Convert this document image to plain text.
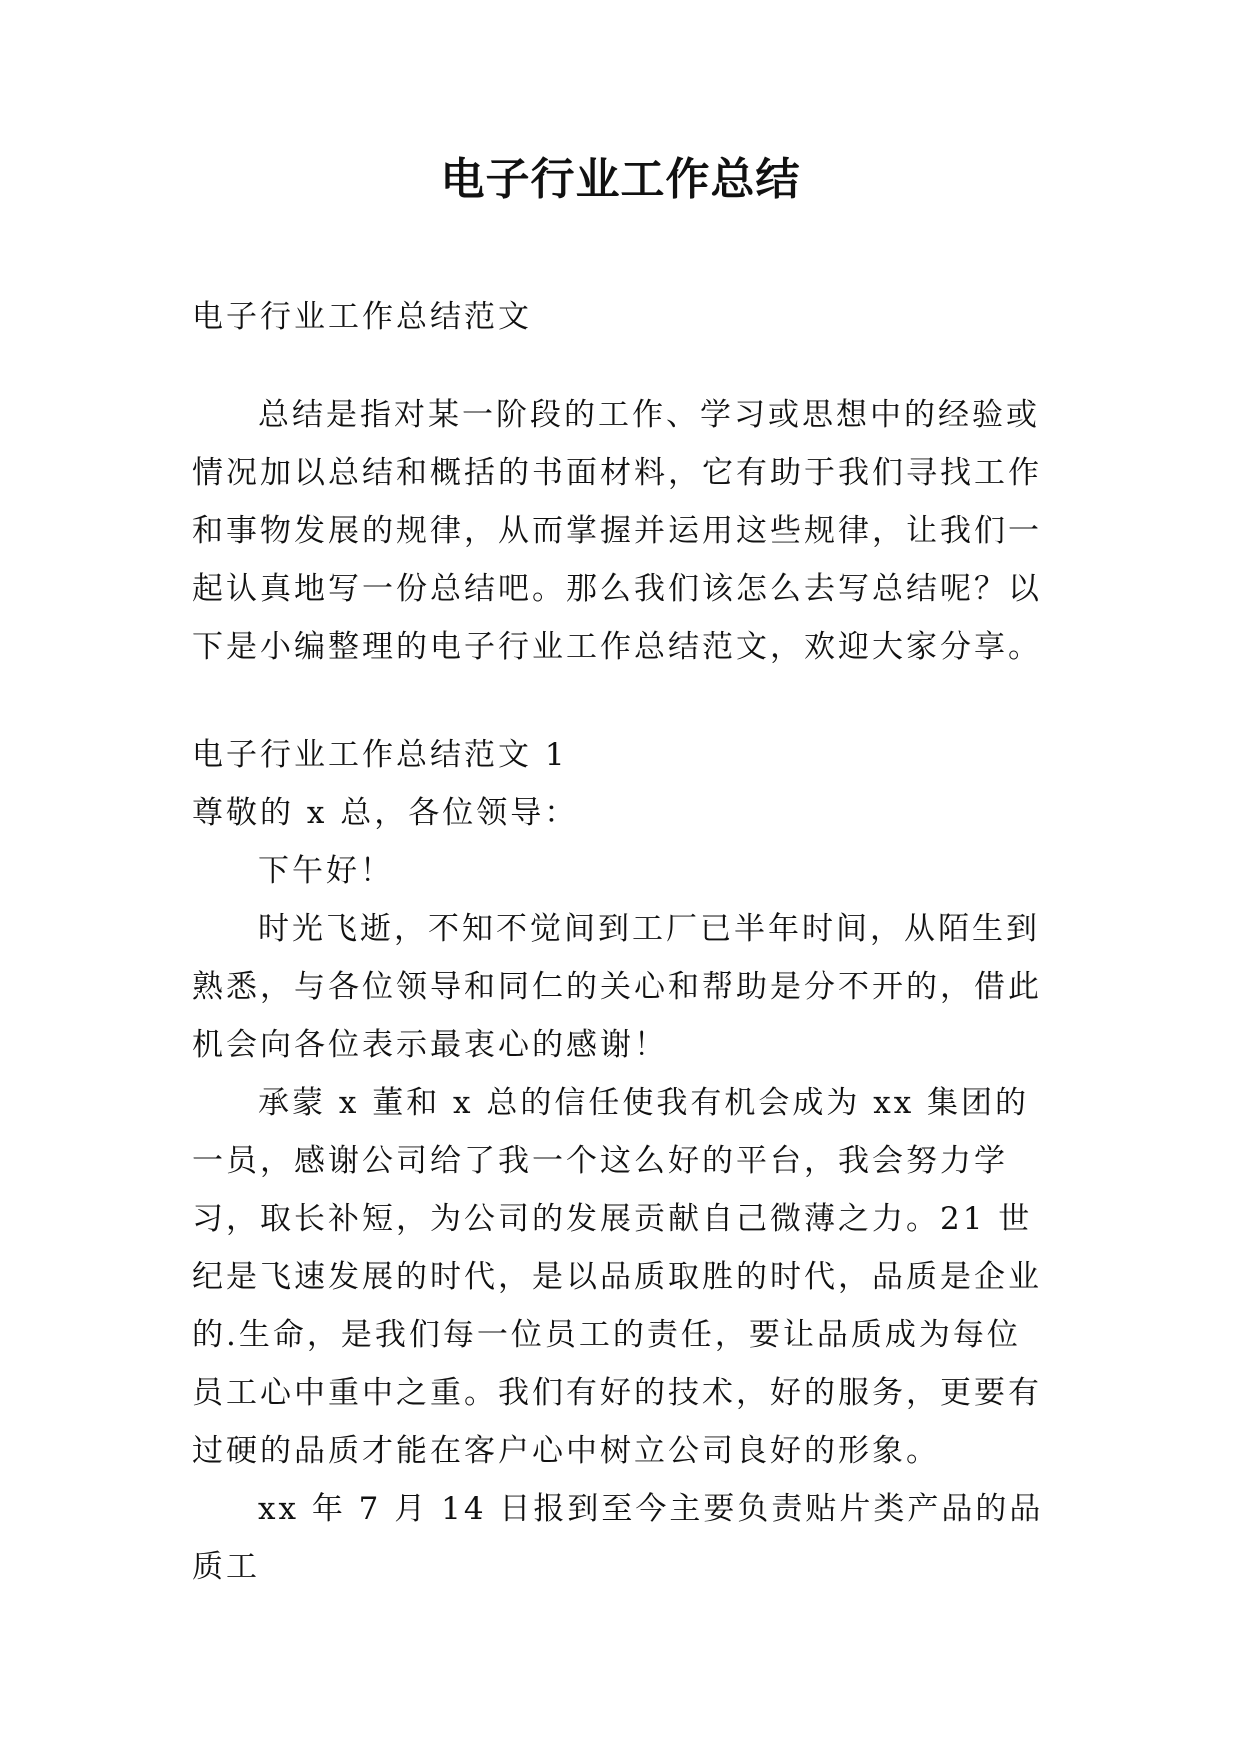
电子行业工作总结

电子行业工作总结范文

总结是指对某一阶段的工作、学习或思想中的经验或情况加以总结和概括的书面材料，它有助于我们寻找工作和事物发展的规律，从而掌握并运用这些规律，让我们一起认真地写一份总结吧。那么我们该怎么去写总结呢？以下是小编整理的电子行业工作总结范文，欢迎大家分享。

电子行业工作总结范文 1

尊敬的 x 总，各位领导：

下午好！

时光飞逝，不知不觉间到工厂已半年时间，从陌生到熟悉，与各位领导和同仁的关心和帮助是分不开的，借此机会向各位表示最衷心的感谢！

承蒙 x 董和 x 总的信任使我有机会成为 xx 集团的一员，感谢公司给了我一个这么好的平台，我会努力学习，取长补短，为公司的发展贡献自己微薄之力。21 世纪是飞速发展的时代，是以品质取胜的时代，品质是企业的.生命，是我们每一位员工的责任，要让品质成为每位员工心中重中之重。我们有好的技术，好的服务，更要有过硬的品质才能在客户心中树立公司良好的形象。

xx 年 7 月 14 日报到至今主要负责贴片类产品的品质工
